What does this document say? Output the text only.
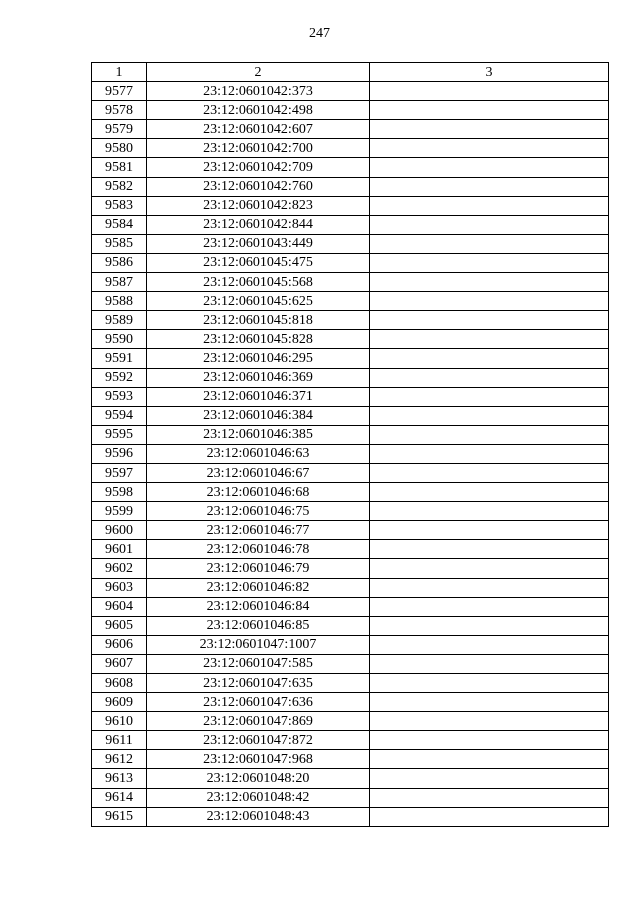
247
1	2	3
9577	23:12:0601042:373	
9578	23:12:0601042:498	
9579	23:12:0601042:607	
9580	23:12:0601042:700	
9581	23:12:0601042:709	
9582	23:12:0601042:760	
9583	23:12:0601042:823	
9584	23:12:0601042:844	
9585	23:12:0601043:449	
9586	23:12:0601045:475	
9587	23:12:0601045:568	
9588	23:12:0601045:625	
9589	23:12:0601045:818	
9590	23:12:0601045:828	
9591	23:12:0601046:295	
9592	23:12:0601046:369	
9593	23:12:0601046:371	
9594	23:12:0601046:384	
9595	23:12:0601046:385	
9596	23:12:0601046:63	
9597	23:12:0601046:67	
9598	23:12:0601046:68	
9599	23:12:0601046:75	
9600	23:12:0601046:77	
9601	23:12:0601046:78	
9602	23:12:0601046:79	
9603	23:12:0601046:82	
9604	23:12:0601046:84	
9605	23:12:0601046:85	
9606	23:12:0601047:1007	
9607	23:12:0601047:585	
9608	23:12:0601047:635	
9609	23:12:0601047:636	
9610	23:12:0601047:869	
9611	23:12:0601047:872	
9612	23:12:0601047:968	
9613	23:12:0601048:20	
9614	23:12:0601048:42	
9615	23:12:0601048:43	
